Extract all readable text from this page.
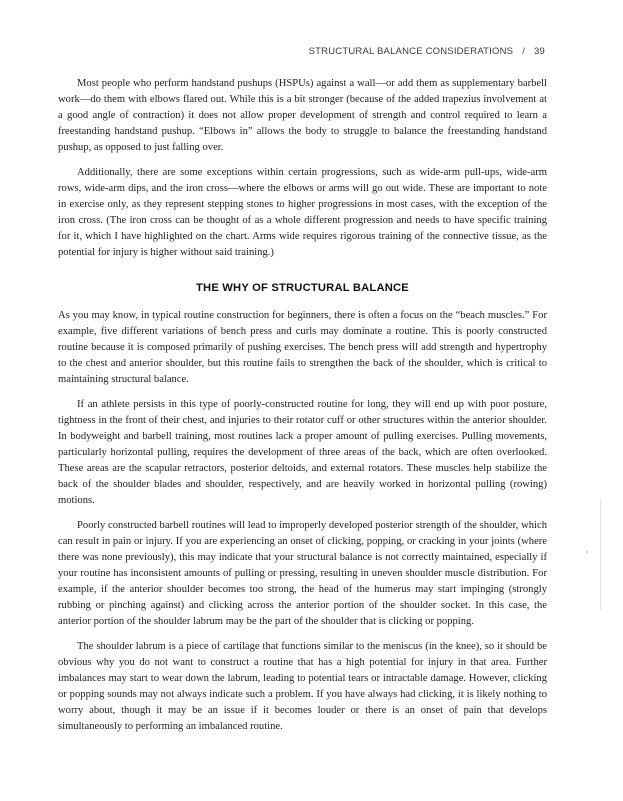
STRUCTURAL BALANCE CONSIDERATIONS / 39

Most people who perform handstand pushups (HSPUs) against a wall—or add them as supplementary barbell work—do them with elbows flared out. While this is a bit stronger (because of the added trapezius involvement at a good angle of contraction) it does not allow proper development of strength and control required to learn a freestanding handstand pushup. “Elbows in” allows the body to struggle to balance the freestanding handstand pushup, as opposed to just falling over.

Additionally, there are some exceptions within certain progressions, such as wide-arm pull-ups, wide-arm rows, wide-arm dips, and the iron cross—where the elbows or arms will go out wide. These are important to note in exercise only, as they represent stepping stones to higher progressions in most cases, with the exception of the iron cross. (The iron cross can be thought of as a whole different progression and needs to have specific training for it, which I have highlighted on the chart. Arms wide requires rigorous training of the connective tissue, as the potential for injury is higher without said training.)

THE WHY OF STRUCTURAL BALANCE

As you may know, in typical routine construction for beginners, there is often a focus on the “beach muscles.” For example, five different variations of bench press and curls may dominate a routine. This is poorly constructed routine because it is composed primarily of pushing exercises. The bench press will add strength and hypertrophy to the chest and anterior shoulder, but this routine fails to strengthen the back of the shoulder, which is critical to maintaining structural balance.

If an athlete persists in this type of poorly-constructed routine for long, they will end up with poor posture, tightness in the front of their chest, and injuries to their rotator cuff or other structures within the anterior shoulder. In bodyweight and barbell training, most routines lack a proper amount of pulling exercises. Pulling movements, particularly horizontal pulling, requires the development of three areas of the back, which are often overlooked. These areas are the scapular retractors, posterior deltoids, and external rotators. These muscles help stabilize the back of the shoulder blades and shoulder, respectively, and are heavily worked in horizontal pulling (rowing) motions.

Poorly constructed barbell routines will lead to improperly developed posterior strength of the shoulder, which can result in pain or injury. If you are experiencing an onset of clicking, popping, or cracking in your joints (where there was none previously), this may indicate that your structural balance is not correctly maintained, especially if your routine has inconsistent amounts of pulling or pressing, resulting in uneven shoulder muscle distribution. For example, if the anterior shoulder becomes too strong, the head of the humerus may start impinging (strongly rubbing or pinching against) and clicking across the anterior portion of the shoulder socket. In this case, the anterior portion of the shoulder labrum may be the part of the shoulder that is clicking or popping.

The shoulder labrum is a piece of cartilage that functions similar to the meniscus (in the knee), so it should be obvious why you do not want to construct a routine that has a high potential for injury in that area. Further imbalances may start to wear down the labrum, leading to potential tears or intractable damage. However, clicking or popping sounds may not always indicate such a problem. If you have always had clicking, it is likely nothing to worry about, though it may be an issue if it becomes louder or there is an onset of pain that develops simultaneously to performing an imbalanced routine.
